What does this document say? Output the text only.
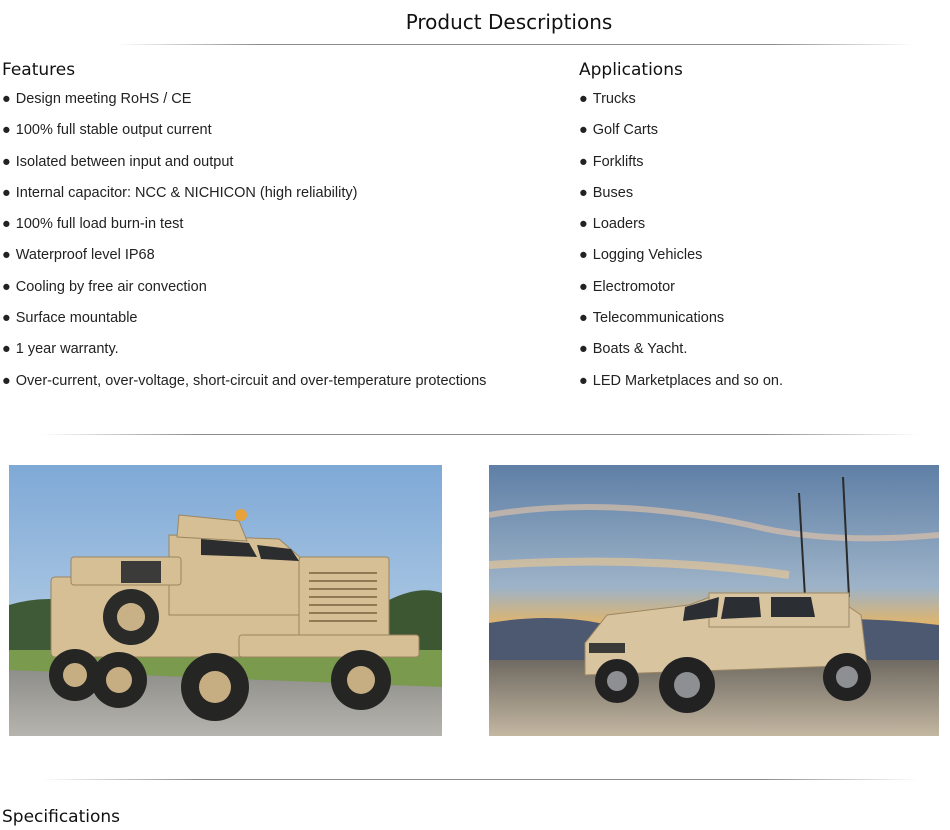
Product Descriptions
Features
● Design meeting RoHS / CE
● 100% full stable output current
● Isolated between input and output
● Internal capacitor: NCC & NICHICON (high reliability)
● 100% full load burn-in test
● Waterproof level IP68
● Cooling by free air convection
● Surface mountable
● 1 year warranty.
● Over-current, over-voltage, short-circuit and over-temperature protections
Applications
● Trucks
● Golf Carts
● Forklifts
● Buses
● Loaders
● Logging Vehicles
● Electromotor
● Telecommunications
● Boats & Yacht.
● LED Marketplaces and so on.
Specifications
